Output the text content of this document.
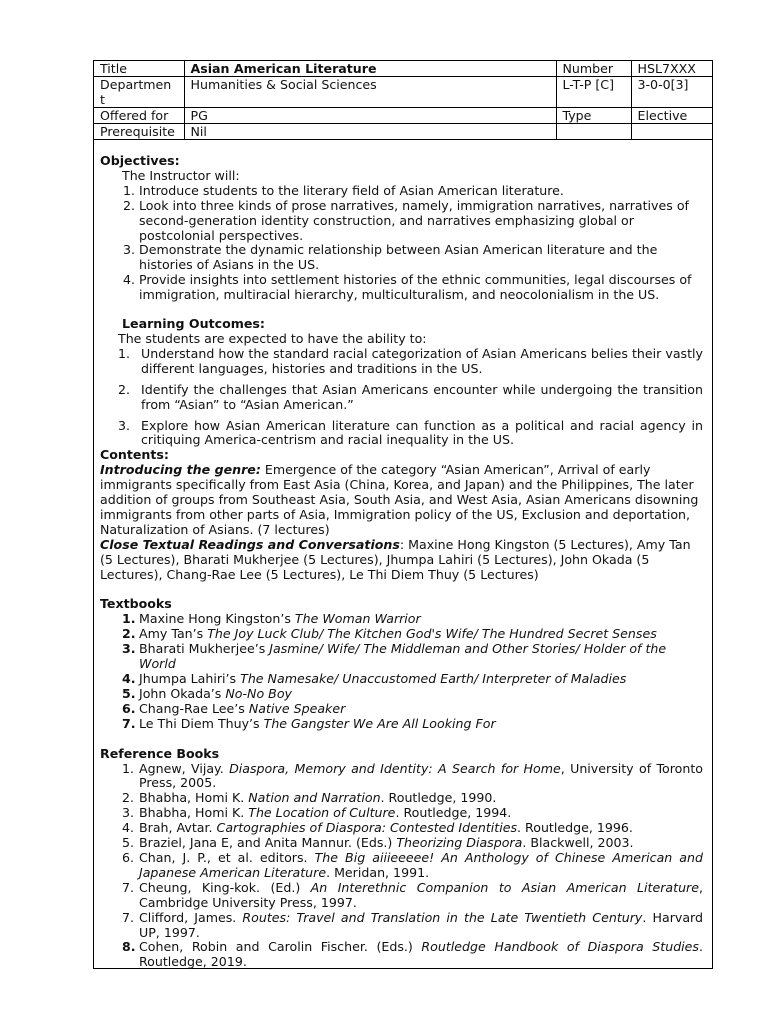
Title	Asian American Literature	Number	HSL7XXX
Departmen t	Humanities & Social Sciences	L-T-P [C]	3-0-0[3]
Offered for	PG	Type	Elective
Prerequisite	Nil		
Objectives:
The Instructor will:
1. Introduce students to the literary field of Asian American literature.
2. Look into three kinds of prose narratives, namely, immigration narratives, narratives of second-generation identity construction, and narratives emphasizing global or postcolonial perspectives.
3. Demonstrate the dynamic relationship between Asian American literature and the histories of Asians in the US.
4. Provide insights into settlement histories of the ethnic communities, legal discourses of immigration, multiracial hierarchy, multiculturalism, and neocolonialism in the US.
Learning Outcomes:
The students are expected to have the ability to:
1. Understand how the standard racial categorization of Asian Americans belies their vastly different languages, histories and traditions in the US.
2. Identify the challenges that Asian Americans encounter while undergoing the transition from “Asian” to “Asian American.”
3. Explore how Asian American literature can function as a political and racial agency in critiquing America-centrism and racial inequality in the US.
Contents:
Introducing the genre: Emergence of the category “Asian American”, Arrival of early immigrants specifically from East Asia (China, Korea, and Japan) and the Philippines, The later addition of groups from Southeast Asia, South Asia, and West Asia, Asian Americans disowning immigrants from other parts of Asia, Immigration policy of the US, Exclusion and deportation, Naturalization of Asians. (7 lectures)
Close Textual Readings and Conversations: Maxine Hong Kingston (5 Lectures), Amy Tan (5 Lectures), Bharati Mukherjee (5 Lectures), Jhumpa Lahiri (5 Lectures), John Okada (5 Lectures), Chang-Rae Lee (5 Lectures), Le Thi Diem Thuy (5 Lectures)
Textbooks
1. Maxine Hong Kingston’s The Woman Warrior
2. Amy Tan’s The Joy Luck Club/ The Kitchen God's Wife/ The Hundred Secret Senses
3. Bharati Mukherjee’s Jasmine/ Wife/ The Middleman and Other Stories/ Holder of the World
4. Jhumpa Lahiri’s The Namesake/ Unaccustomed Earth/ Interpreter of Maladies
5. John Okada’s No-No Boy
6. Chang-Rae Lee’s Native Speaker
7. Le Thi Diem Thuy’s The Gangster We Are All Looking For
Reference Books
1. Agnew, Vijay. Diaspora, Memory and Identity: A Search for Home, University of Toronto Press, 2005.
2. Bhabha, Homi K. Nation and Narration. Routledge, 1990.
3. Bhabha, Homi K. The Location of Culture. Routledge, 1994.
4. Brah, Avtar. Cartographies of Diaspora: Contested Identities. Routledge, 1996.
5. Braziel, Jana E, and Anita Mannur. (Eds.) Theorizing Diaspora. Blackwell, 2003.
6. Chan, J. P., et al. editors. The Big aiiieeeee! An Anthology of Chinese American and Japanese American Literature. Meridan, 1991.
7. Cheung, King-kok. (Ed.) An Interethnic Companion to Asian American Literature, Cambridge University Press, 1997.
7. Clifford, James. Routes: Travel and Translation in the Late Twentieth Century. Harvard UP, 1997.
8. Cohen, Robin and Carolin Fischer. (Eds.) Routledge Handbook of Diaspora Studies. Routledge, 2019.
